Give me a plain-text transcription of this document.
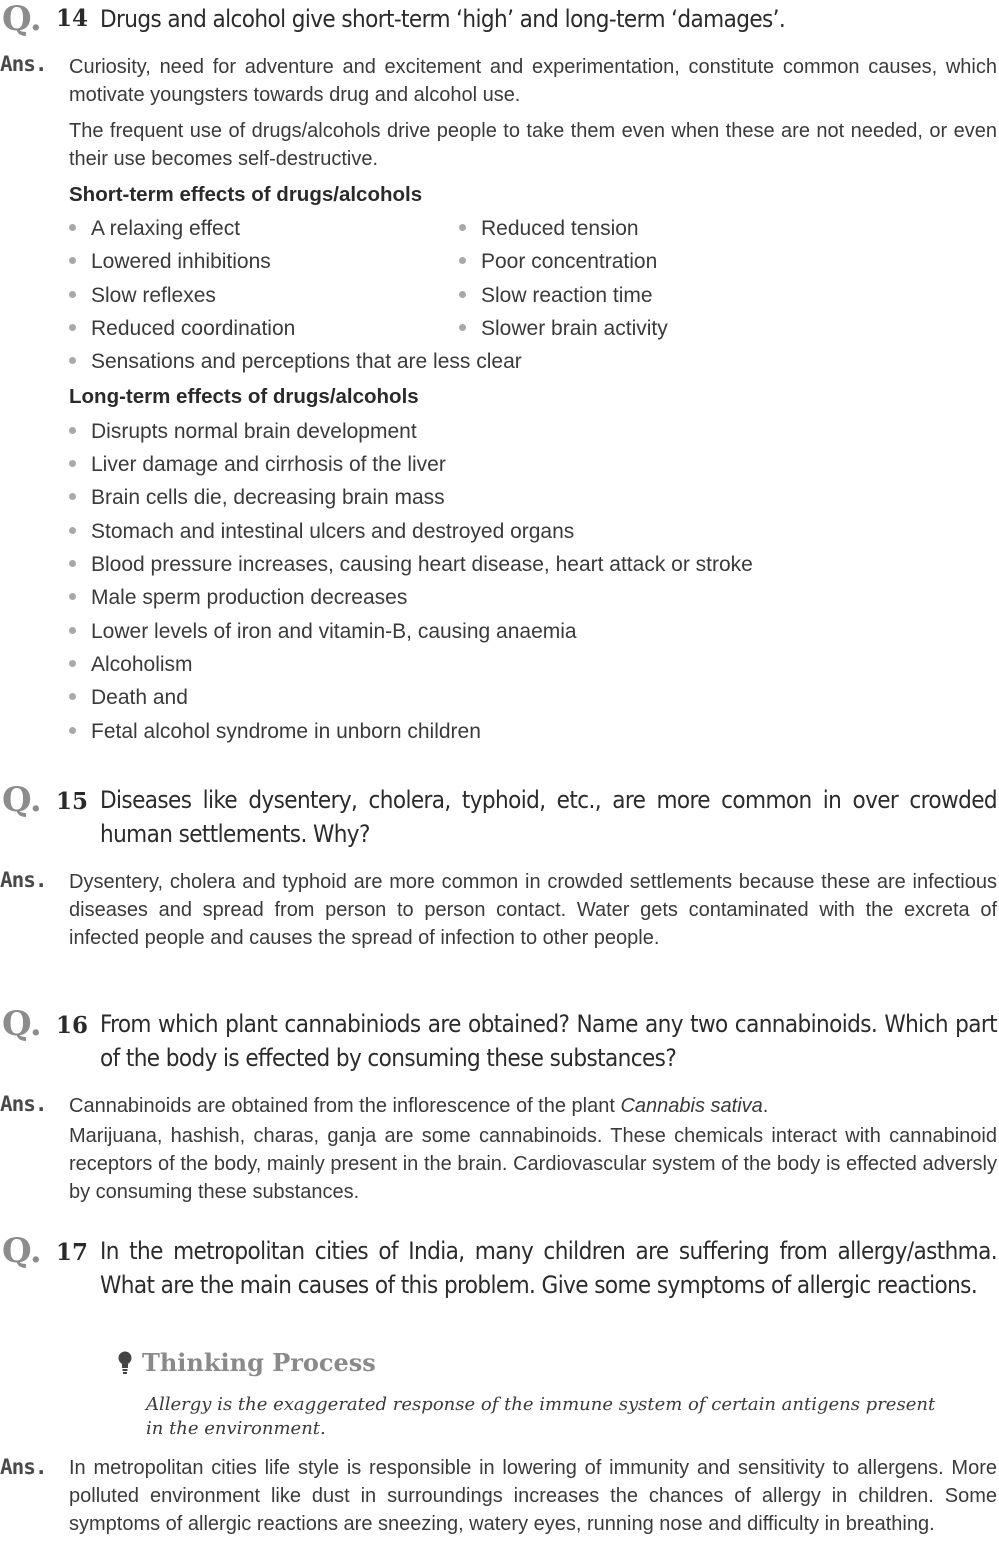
Q. 14 Drugs and alcohol give short-term ‘high’ and long-term ‘damages’.
Ans. Curiosity, need for adventure and excitement and experimentation, constitute common causes, which motivate youngsters towards drug and alcohol use.
The frequent use of drugs/alcohols drive people to take them even when these are not needed, or even their use becomes self-destructive.
Short-term effects of drugs/alcohols
A relaxing effect
Lowered inhibitions
Slow reflexes
Reduced coordination
Reduced tension
Poor concentration
Slow reaction time
Slower brain activity
Sensations and perceptions that are less clear
Long-term effects of drugs/alcohols
Disrupts normal brain development
Liver damage and cirrhosis of the liver
Brain cells die, decreasing brain mass
Stomach and intestinal ulcers and destroyed organs
Blood pressure increases, causing heart disease, heart attack or stroke
Male sperm production decreases
Lower levels of iron and vitamin-B, causing anaemia
Alcoholism
Death and
Fetal alcohol syndrome in unborn children
Q. 15 Diseases like dysentery, cholera, typhoid, etc., are more common in over crowded human settlements. Why?
Ans. Dysentery, cholera and typhoid are more common in crowded settlements because these are infectious diseases and spread from person to person contact. Water gets contaminated with the excreta of infected people and causes the spread of infection to other people.
Q. 16 From which plant cannabiniods are obtained? Name any two cannabinoids. Which part of the body is effected by consuming these substances?
Ans. Cannabinoids are obtained from the inflorescence of the plant Cannabis sativa.
Marijuana, hashish, charas, ganja are some cannabinoids. These chemicals interact with cannabinoid receptors of the body, mainly present in the brain. Cardiovascular system of the body is effected adversly by consuming these substances.
Q. 17 In the metropolitan cities of India, many children are suffering from allergy/asthma. What are the main causes of this problem. Give some symptoms of allergic reactions.
Thinking Process
Allergy is the exaggerated response of the immune system of certain antigens present in the environment.
Ans. In metropolitan cities life style is responsible in lowering of immunity and sensitivity to allergens. More polluted environment like dust in surroundings increases the chances of allergy in children. Some symptoms of allergic reactions are sneezing, watery eyes, running nose and difficulty in breathing.
